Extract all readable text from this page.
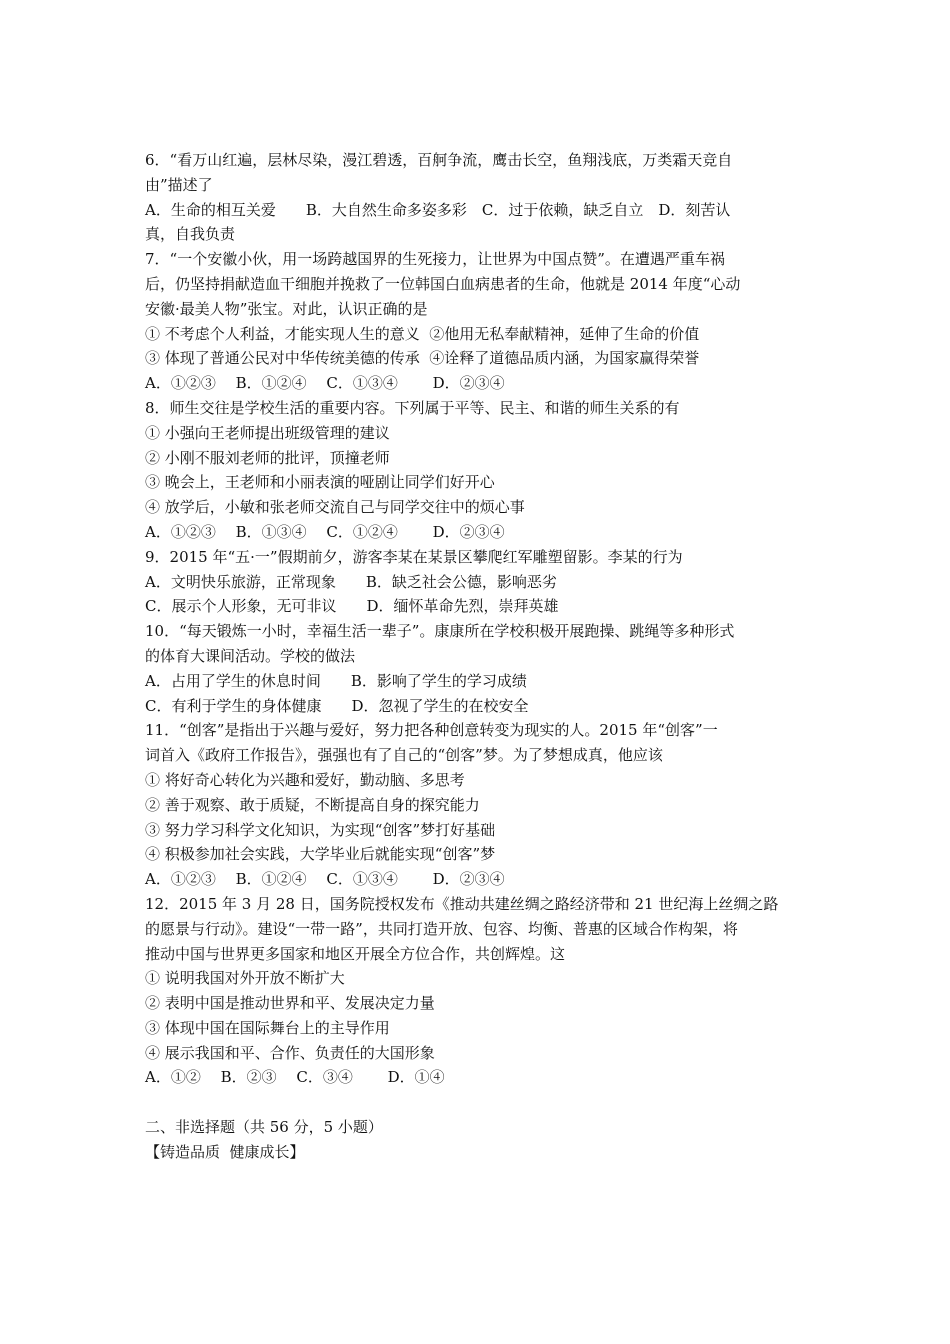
6．“看万山红遍，层林尽染，漫江碧透，百舸争流，鹰击长空，鱼翔浅底，万类霜天竞自
由”描述了
A．生命的相互关爱　　B．大自然生命多姿多彩　C．过于依赖，缺乏自立　D．刻苦认
真，自我负责
7．“一个安徽小伙，用一场跨越国界的生死接力，让世界为中国点赞”。在遭遇严重车祸
后，仍坚持捐献造血干细胞并挽救了一位韩国白血病患者的生命，他就是 2014 年度“心动
安徽·最美人物”张宝。对此，认识正确的是
① 不考虑个人利益，才能实现人生的意义  ②他用无私奉献精神，延伸了生命的价值
③ 体现了普通公民对中华传统美德的传承  ④诠释了道德品质内涵，为国家赢得荣誉
A．①②③　 B．①②④　 C．①③④　　 D．②③④
8．师生交往是学校生活的重要内容。下列属于平等、民主、和谐的师生关系的有
① 小强向王老师提出班级管理的建议
② 小刚不服刘老师的批评，顶撞老师
③ 晚会上，王老师和小丽表演的哑剧让同学们好开心
④ 放学后，小敏和张老师交流自己与同学交往中的烦心事
A．①②③　 B．①③④　 C．①②④　　 D．②③④
9．2015 年“五·一”假期前夕，游客李某在某景区攀爬红军雕塑留影。李某的行为
A．文明快乐旅游，正常现象　　B．缺乏社会公德，影响恶劣
C．展示个人形象，无可非议　　D．缅怀革命先烈，崇拜英雄
10．“每天锻炼一小时，幸福生活一辈子”。康康所在学校积极开展跑操、跳绳等多种形式
的体育大课间活动。学校的做法
A．占用了学生的休息时间　　B．影响了学生的学习成绩
C．有利于学生的身体健康　　D．忽视了学生的在校安全
11．“创客”是指出于兴趣与爱好，努力把各种创意转变为现实的人。2015 年“创客”一
词首入《政府工作报告》，强强也有了自己的“创客”梦。为了梦想成真，他应该
① 将好奇心转化为兴趣和爱好，勤动脑、多思考
② 善于观察、敢于质疑，不断提高自身的探究能力
③ 努力学习科学文化知识，为实现“创客”梦打好基础
④ 积极参加社会实践，大学毕业后就能实现“创客”梦
A．①②③　 B．①②④　 C．①③④　　 D．②③④
12．2015 年 3 月 28 日，国务院授权发布《推动共建丝绸之路经济带和 21 世纪海上丝绸之路
的愿景与行动》。建设“一带一路”，共同打造开放、包容、均衡、普惠的区域合作构架，将
推动中国与世界更多国家和地区开展全方位合作，共创辉煌。这
① 说明我国对外开放不断扩大
② 表明中国是推动世界和平、发展决定力量
③ 体现中国在国际舞台上的主导作用
④ 展示我国和平、合作、负责任的大国形象
A．①②　 B．②③　 C．③④　　 D．①④
二、非选择题（共 56 分，5 小题）
【铸造品质  健康成长】
